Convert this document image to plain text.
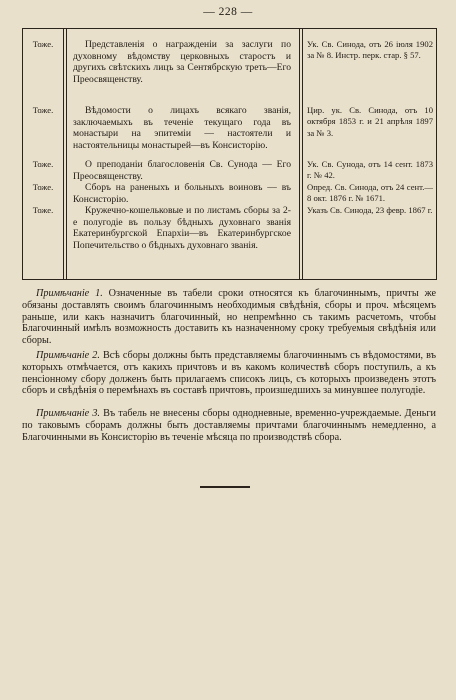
— 228 —
Тоже.	Представленія о награжденіи за заслуги по духовному вѣдомству церковныхъ старостъ и другихъ свѣтскихъ лицъ за Сентябрскую треть—Его Преосвященству.
Ук. Св. Синода, отъ 26 іюля 1902 за № 8. Инстр. перк. стар. § 57.
Тоже.	Вѣдомости о лицахъ всякаго званія, заключаемыхъ въ теченіе текущаго года въ монастыри на эпитеміи — настоятели и настоятельницы монастырей—въ Консисторію.
Цир. ук. Св. Синода, отъ 10 октября 1853 г. и 21 апрѣля 1897 за № 3.
Тоже.	О преподаніи благословенія Св. Сунода — Его Преосвященству.
Ук. Св. Сунода, отъ 14 сент. 1873 г. № 42.
Тоже.	Сборъ на раненыхъ и больныхъ воиновъ — въ Консисторію.
Опред. Св. Синода, отъ 24 сент.—8 окт. 1876 г. № 1671.
Тоже.	Кружечно-кошельковые и по листамъ сборы за 2-е полугодіе въ пользу бѣдныхъ духовнаго званія Екатеринбургской Епархіи—въ Екатеринбургское Попечительство о бѣдныхъ духовнаго званія.
Указъ Св. Синода, 23 февр. 1867 г.

Примѣчаніе 1. Означенные въ табели сроки относятся къ благочиннымъ, причты же обязаны доставлять своимъ благочиннымъ необходимыя свѣдѣнія, сборы и проч. мѣсяцемъ раньше, или какъ назначитъ благочинный, но непремѣнно съ такимъ расчетомъ, чтобы Благочинный имѣлъ возможность доставить къ назначенному сроку требуемыя свѣдѣнія или сборы.

Примѣчаніе 2. Всѣ сборы должны быть представляемы благочиннымъ съ вѣдомостями, въ которыхъ отмѣчается, отъ какихъ причтовъ и въ какомъ количествѣ сборъ поступилъ, а къ пенсіонному сбору долженъ быть прилагаемъ списокъ лицъ, съ которыхъ произведенъ этотъ сборъ и свѣдѣнія о перемѣнахъ въ составѣ причтовъ, произшедшихъ за минувшее полугодіе.

Примѣчаніе 3. Въ табель не внесены сборы однодневные, временно-учреждаемые. Деньги по таковымъ сборамъ должны быть доставляемы причтами благочиннымъ немедленно, а Благочинными въ Консисторію въ теченіе мѣсяца по производствѣ сбора.
